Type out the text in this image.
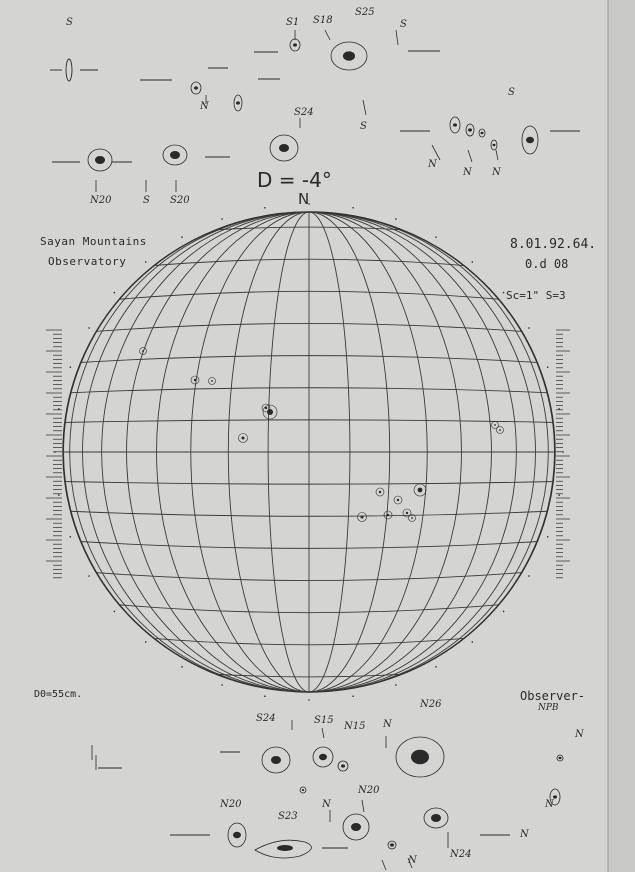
D = -4°
N
Sayan Mountains
Observatory
8.01.92.64.
0.d 08
Sc=1" S=3
D0=55cm.	Observer-
NPB
S1 S18
S25
S
S24
N
S
S
N20	S S20
N
N N
S
S24	S15
N15 N
N26
N
N20
S23
N
N20
N24
N
N
N
